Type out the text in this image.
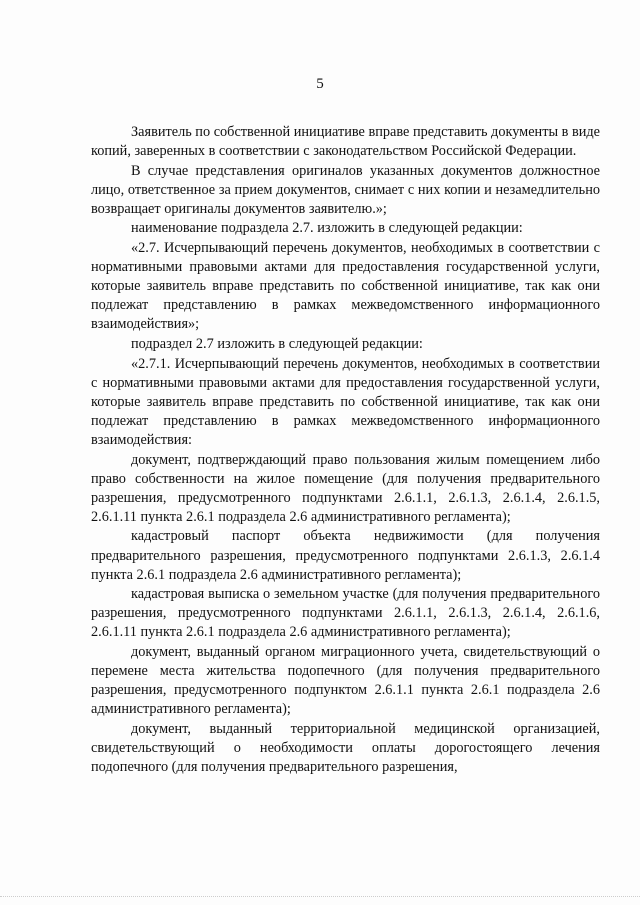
5

Заявитель по собственной инициативе вправе представить документы в виде копий, заверенных в соответствии с законодательством Российской Федерации.

В случае представления оригиналов указанных документов должностное лицо, ответственное за прием документов, снимает с них копии и незамедлительно возвращает оригиналы документов заявителю.»;

наименование подраздела 2.7. изложить в следующей редакции:

«2.7. Исчерпывающий перечень документов, необходимых в соответствии с нормативными правовыми актами для предоставления государственной услуги, которые заявитель вправе представить по собственной инициативе, так как они подлежат представлению в рамках межведомственного информационного взаимодействия»;

подраздел 2.7 изложить в следующей редакции:

«2.7.1. Исчерпывающий перечень документов, необходимых в соответствии с нормативными правовыми актами для предоставления государственной услуги, которые заявитель вправе представить по собственной инициативе, так как они подлежат представлению в рамках межведомственного информационного взаимодействия:

документ, подтверждающий право пользования жилым помещением либо право собственности на жилое помещение (для получения предварительного разрешения, предусмотренного подпунктами 2.6.1.1, 2.6.1.3, 2.6.1.4, 2.6.1.5, 2.6.1.11 пункта 2.6.1 подраздела 2.6 административного регламента);

кадастровый паспорт объекта недвижимости (для получения предварительного разрешения, предусмотренного подпунктами 2.6.1.3, 2.6.1.4 пункта 2.6.1 подраздела 2.6 административного регламента);

кадастровая выписка о земельном участке (для получения предварительного разрешения, предусмотренного подпунктами 2.6.1.1, 2.6.1.3, 2.6.1.4, 2.6.1.6, 2.6.1.11 пункта 2.6.1 подраздела 2.6 административного регламента);

документ, выданный органом миграционного учета, свидетельствующий о перемене места жительства подопечного (для получения предварительного разрешения, предусмотренного подпунктом 2.6.1.1 пункта 2.6.1 подраздела 2.6 административного регламента);

документ, выданный территориальной медицинской организацией, свидетельствующий о необходимости оплаты дорогостоящего лечения подопечного (для получения предварительного разрешения,
